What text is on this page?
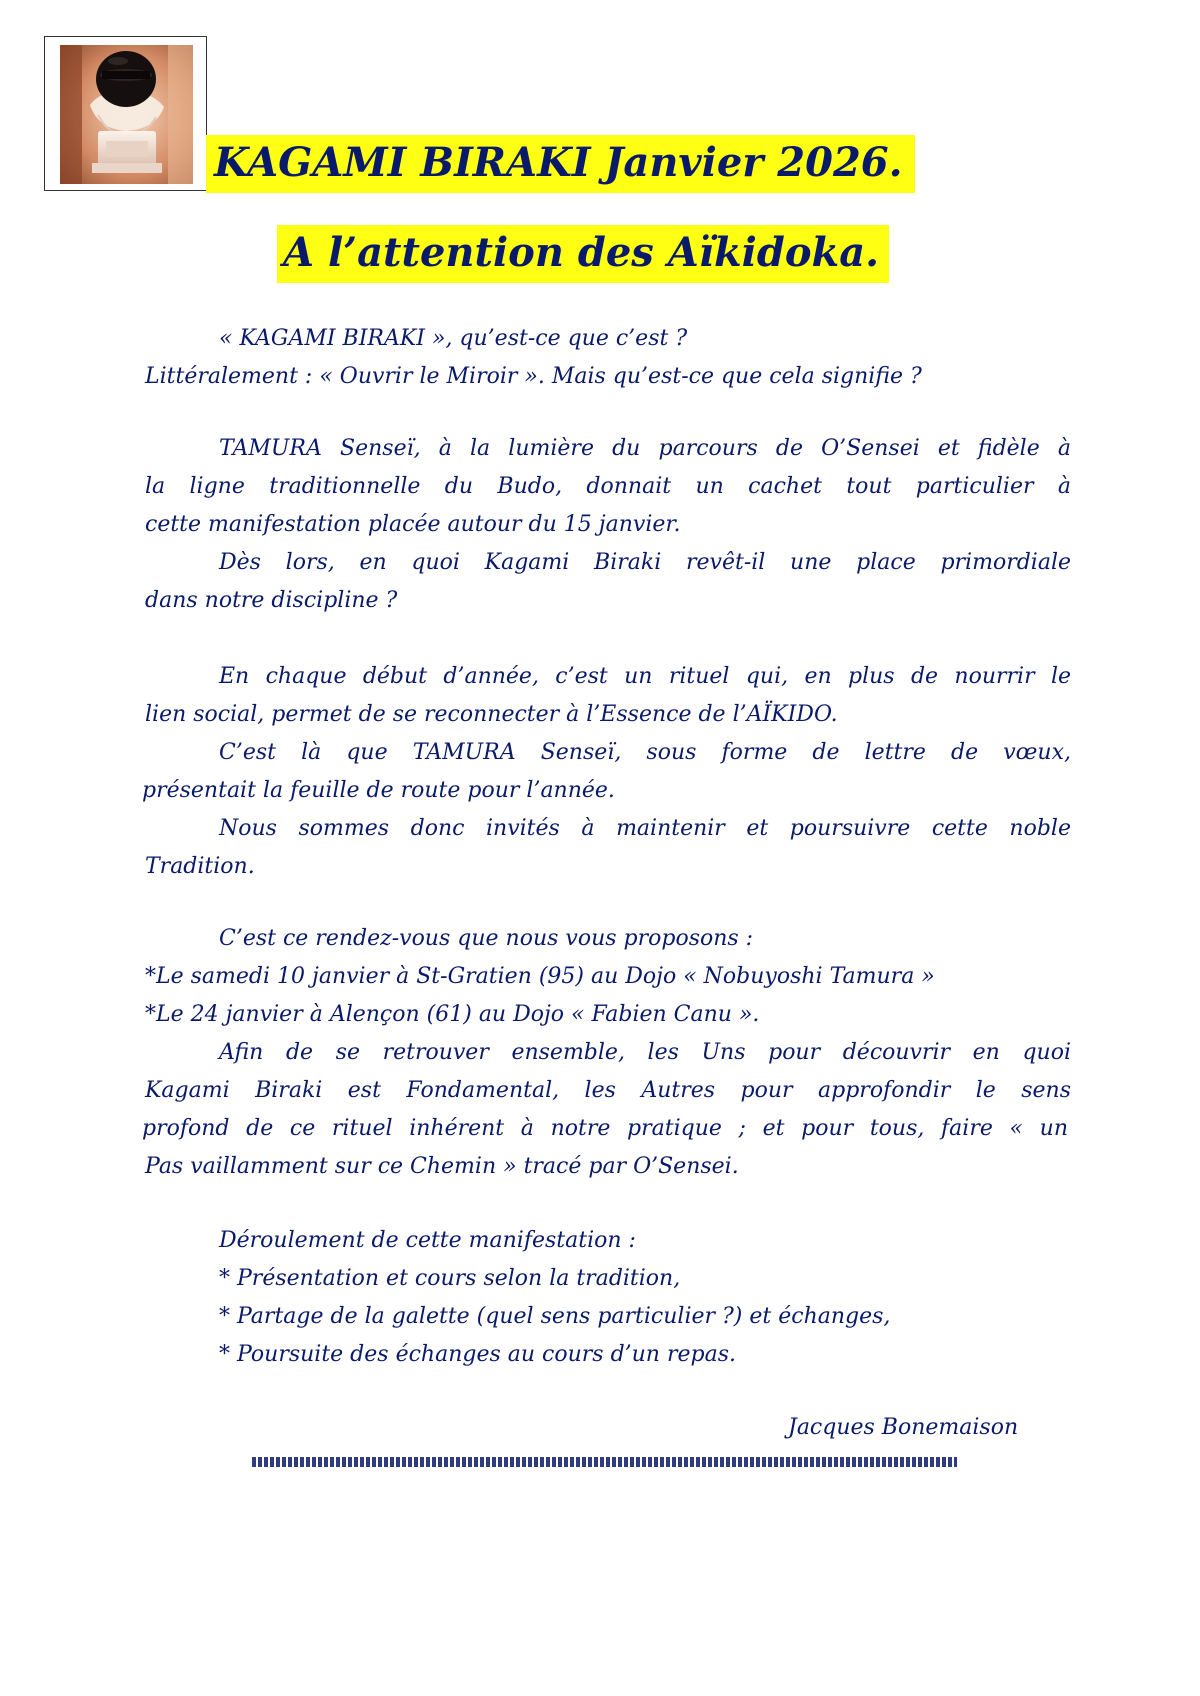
KAGAMI BIRAKI Janvier 2026.
A l’attention des Aïkidoka.

« KAGAMI BIRAKI », qu’est-ce que c’est ?

Littéralement : « Ouvrir le Miroir ». Mais qu’est-ce que cela signifie ?

TAMURA Senseï, à la lumière du parcours de O’Sensei et fidèle à

la ligne traditionnelle du Budo, donnait un cachet tout particulier à

cette manifestation placée autour du 15 janvier.

Dès lors, en quoi Kagami Biraki revêt-il une place primordiale

dans notre discipline ?

En chaque début d’année, c’est un rituel qui, en plus de nourrir le

lien social, permet de se reconnecter à l’Essence de l’AÏKIDO.

C’est là que TAMURA Senseï, sous forme de lettre de vœux,

présentait la feuille de route pour l’année.

Nous sommes donc invités à maintenir et poursuivre cette noble

Tradition.

C’est ce rendez-vous que nous vous proposons :

*Le samedi 10 janvier à St-Gratien (95) au Dojo « Nobuyoshi Tamura »

*Le 24 janvier à Alençon (61) au Dojo « Fabien Canu ».

Afin de se retrouver ensemble, les Uns pour découvrir en quoi

Kagami Biraki est Fondamental, les Autres pour approfondir le sens

profond de ce rituel inhérent à notre pratique ; et pour tous, faire « un

Pas vaillamment sur ce Chemin » tracé par O’Sensei.

Déroulement de cette manifestation :

* Présentation et cours selon la tradition,

* Partage de la galette (quel sens particulier ?) et échanges,

* Poursuite des échanges au cours d’un repas.

Jacques Bonemaison
